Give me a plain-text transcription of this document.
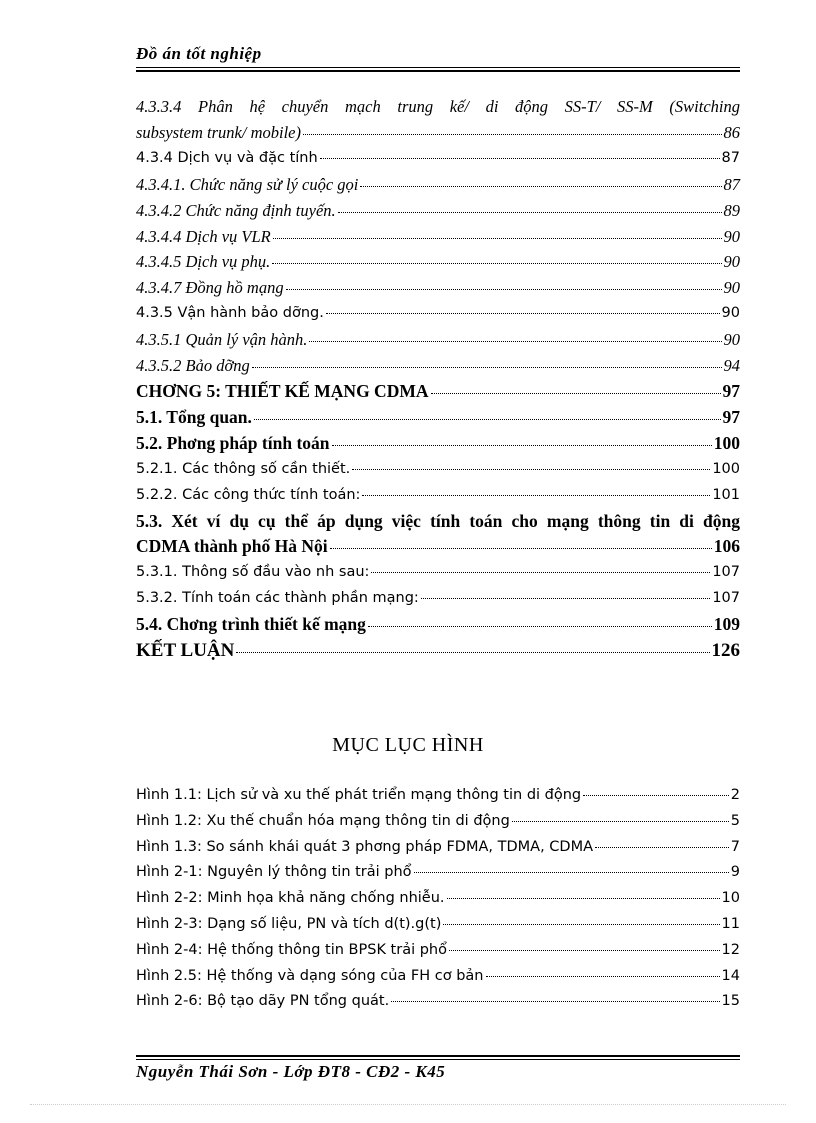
Đồ án tốt nghiệp
4.3.3.4 Phân hệ chuyển mạch trung kế/ di động SS-T/ SS-M (Switching
subsystem trunk/ mobile)	86
4.3.4 Dịch vụ và đặc tính	87
4.3.4.1. Chức năng sử lý cuộc gọi	87
4.3.4.2 Chức năng định tuyến.	89
4.3.4.4 Dịch vụ VLR	90
4.3.4.5 Dịch vụ phụ.	90
4.3.4.7 Đồng hồ mạng	90
4.3.5 Vận hành bảo dỡng.	90
4.3.5.1 Quản lý vận hành.	90
4.3.5.2 Bảo dỡng	94
CHƠNG 5: THIẾT KẾ MẠNG CDMA	97
5.1. Tổng quan.	97
5.2. Phơng pháp tính toán	100
5.2.1. Các thông số cần thiết.	100
5.2.2. Các công thức tính toán:	101
5.3. Xét ví dụ cụ thể áp dụng việc tính toán cho mạng thông tin di động
CDMA thành phố Hà Nội	106
5.3.1. Thông số đầu vào nh sau:	107
5.3.2. Tính toán các thành phần mạng:	107
5.4. Chơng trình thiết kế mạng	109
KẾT LUẬN	126
MỤC LỤC HÌNH
Hình 1.1: Lịch sử và xu thế phát triển mạng thông tin di động	2
Hình 1.2: Xu thế chuẩn hóa mạng thông tin di động	5
Hình 1.3: So sánh khái quát 3 phơng pháp FDMA, TDMA, CDMA	7
Hình 2-1: Nguyên lý thông tin trải phổ	9
Hình 2-2: Minh họa khả năng chống nhiễu.	10
Hình 2-3: Dạng số liệu, PN và tích d(t).g(t)	11
Hình 2-4: Hệ thống thông tin BPSK trải phổ	12
Hình 2.5: Hệ thống và dạng sóng của FH cơ bản	14
Hình 2-6: Bộ tạo dãy PN tổng quát.	15
Nguyễn Thái Sơn - Lớp ĐT8 - CĐ2 - K45
